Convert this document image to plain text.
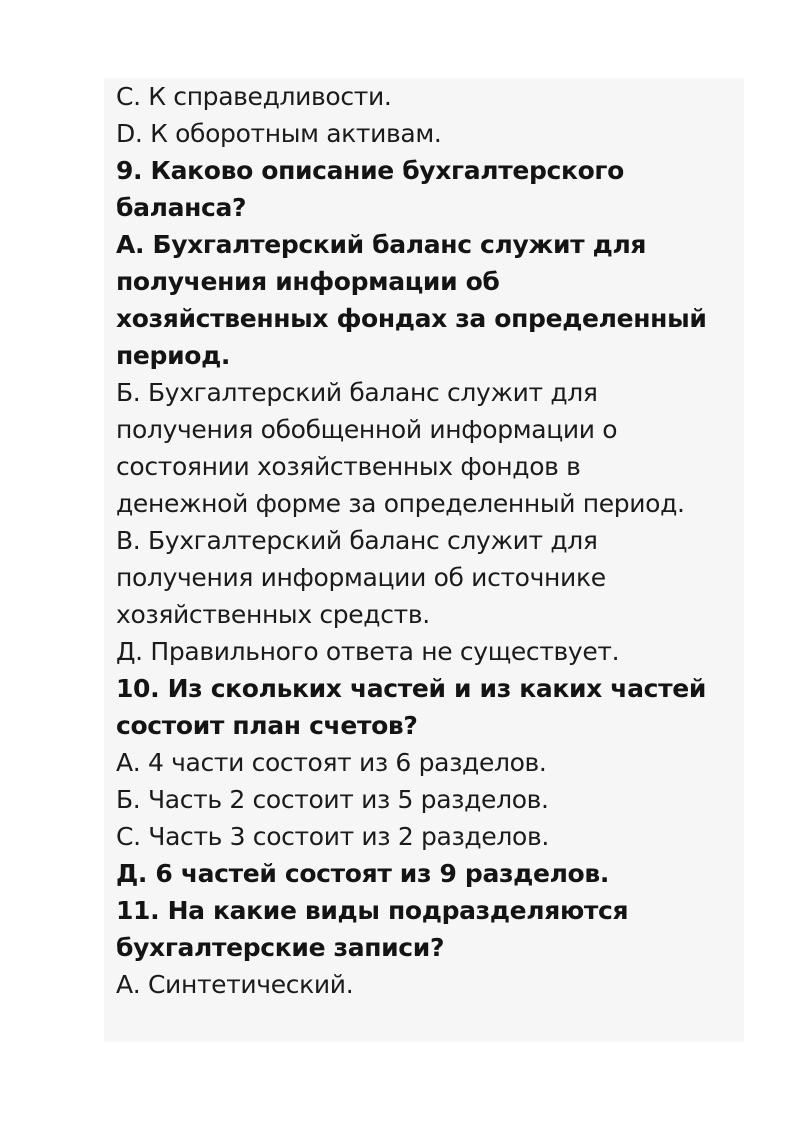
C. К справедливости.
D. К оборотным активам.
9. Каково описание бухгалтерского
баланса?
А. Бухгалтерский баланс служит для
получения информации об
хозяйственных фондах за определенный
период.
Б. Бухгалтерский баланс служит для
получения обобщенной информации о
состоянии хозяйственных фондов в
денежной форме за определенный период.
В. Бухгалтерский баланс служит для
получения информации об источнике
хозяйственных средств.
Д. Правильного ответа не существует.
10. Из скольких частей и из каких частей
состоит план счетов?
А. 4 части состоят из 6 разделов.
Б. Часть 2 состоит из 5 разделов.
С. Часть 3 состоит из 2 разделов.
Д. 6 частей состоят из 9 разделов.
11. На какие виды подразделяются
бухгалтерские записи?
А. Синтетический.
